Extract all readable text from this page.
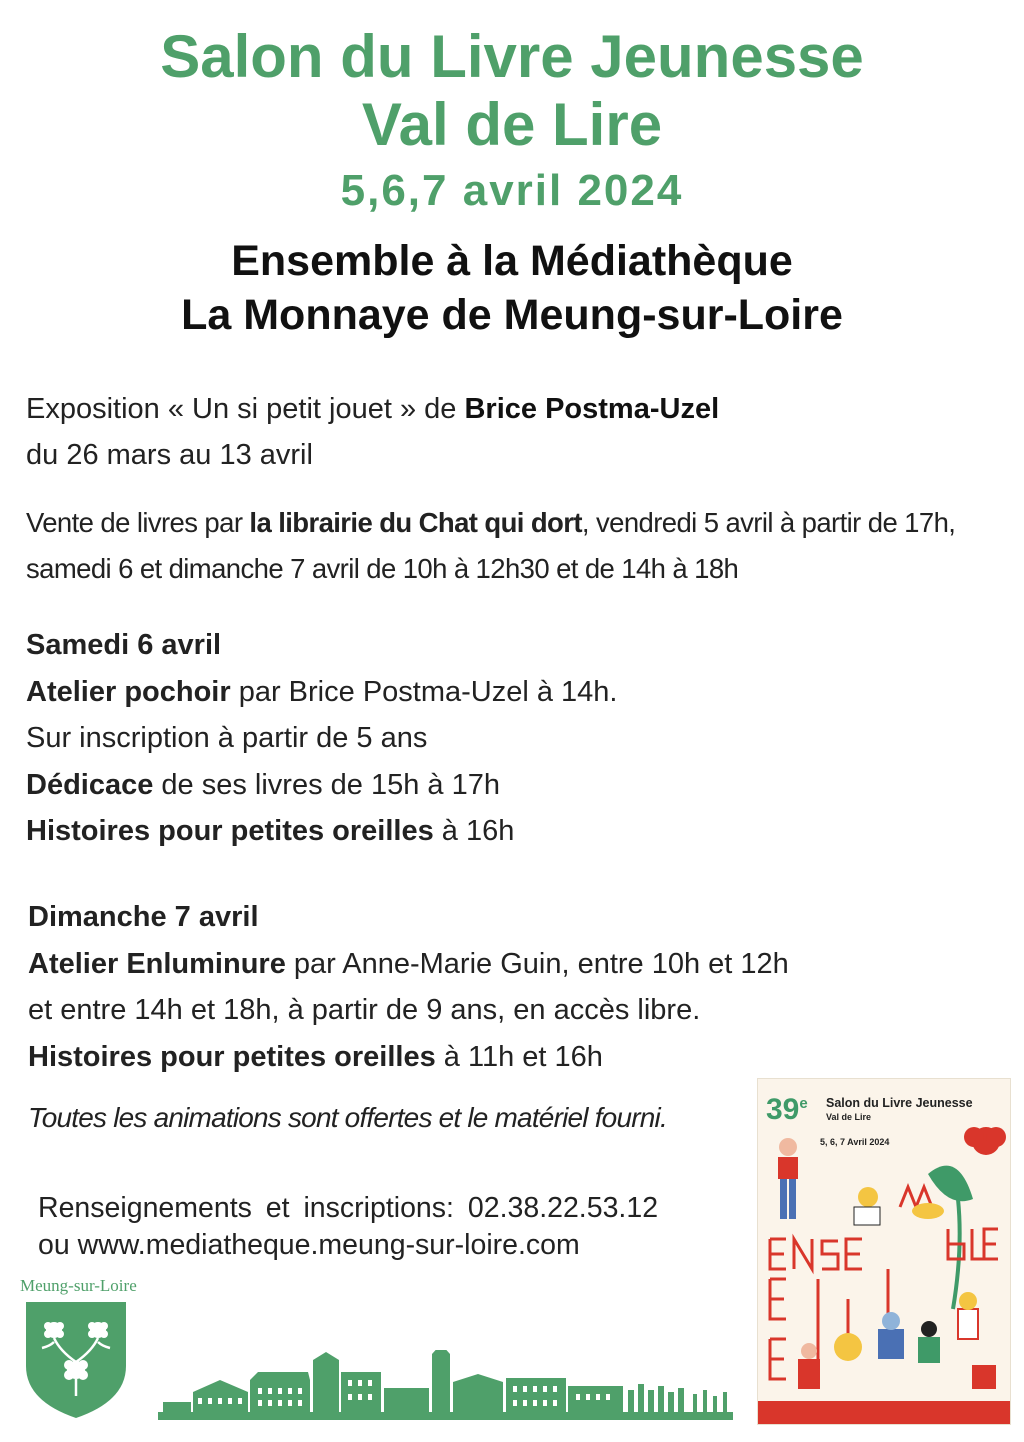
Salon du Livre Jeunesse
Val de Lire
5,6,7 avril 2024
Ensemble à la Médiathèque
La Monnaye de Meung-sur-Loire
Exposition « Un si petit jouet » de Brice Postma-Uzel
du 26 mars au 13 avril
Vente de livres par la librairie du Chat qui dort, vendredi 5 avril à partir de 17h, samedi 6 et dimanche 7 avril de 10h à 12h30 et de 14h à 18h
Samedi 6 avril
Atelier pochoir par Brice Postma-Uzel à 14h.
Sur inscription à partir de 5 ans
Dédicace de ses livres de 15h à 17h
Histoires pour petites oreilles à 16h
Dimanche 7 avril
Atelier Enluminure par Anne-Marie Guin, entre 10h et 12h
et entre 14h et 18h, à partir de 9 ans, en accès libre.
Histoires pour petites oreilles à 11h et 16h
Toutes les animations sont offertes et le matériel fourni.
Renseignements et inscriptions: 02.38.22.53.12
ou www.mediatheque.meung-sur-loire.com
Meung-sur-Loire
39e Salon du Livre Jeunesse
Val de Lire
5, 6, 7 Avril 2024
